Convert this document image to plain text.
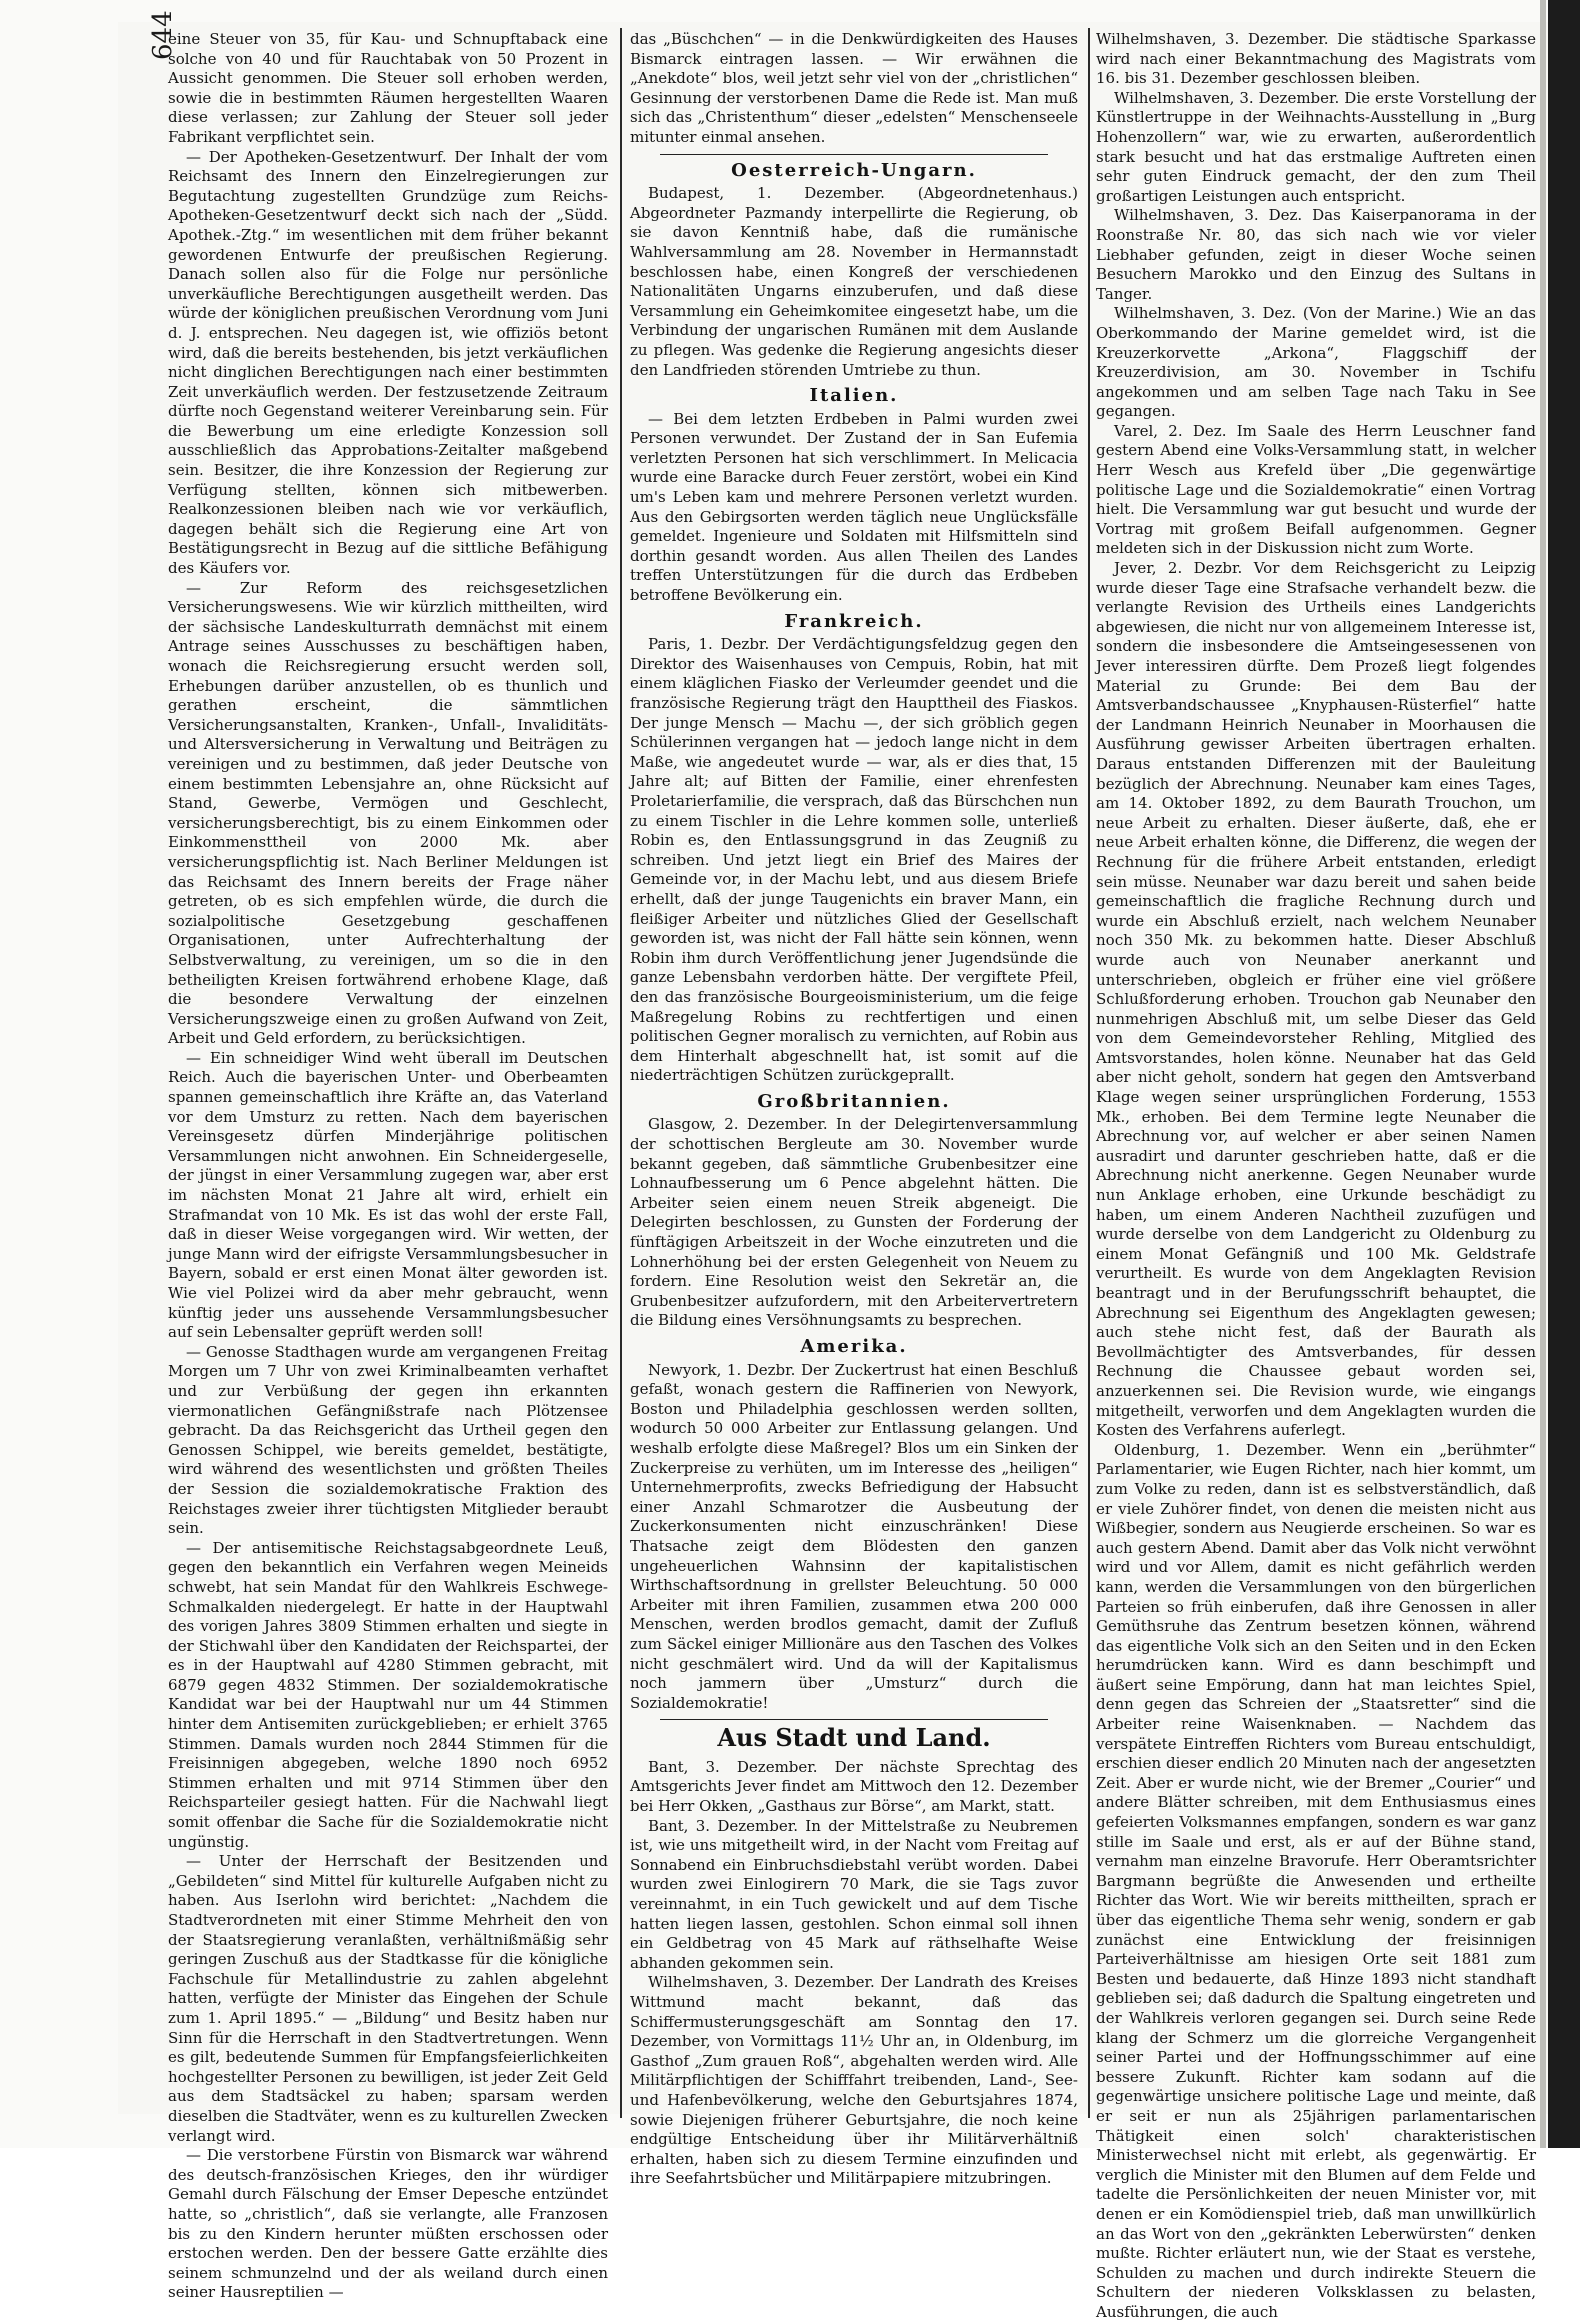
644

eine Steuer von 35, für Kau- und Schnupftaback eine solche von 40 und für Rauchtabak von 50 Prozent in Aussicht genommen. Die Steuer soll erhoben werden, sowie die in bestimmten Räumen hergestellten Waaren diese verlassen; zur Zahlung der Steuer soll jeder Fabrikant verpflichtet sein.

— Der Apotheken-Gesetzentwurf. Der Inhalt der vom Reichsamt des Innern den Einzelregierungen zur Begutachtung zugestellten Grundzüge zum Reichs-Apotheken-Gesetzentwurf deckt sich nach der „Südd. Apothek.-Ztg.“ im wesentlichen mit dem früher bekannt gewordenen Entwurfe der preußischen Regierung. Danach sollen also für die Folge nur persönliche unverkäufliche Berechtigungen ausgetheilt werden. Das würde der königlichen preußischen Verordnung vom Juni d. J. entsprechen. Neu dagegen ist, wie offiziös betont wird, daß die bereits bestehenden, bis jetzt verkäuflichen nicht dinglichen Berechtigungen nach einer bestimmten Zeit unverkäuflich werden. Der festzusetzende Zeitraum dürfte noch Gegenstand weiterer Vereinbarung sein. Für die Bewerbung um eine erledigte Konzession soll ausschließlich das Approbations-Zeitalter maßgebend sein. Besitzer, die ihre Konzession der Regierung zur Verfügung stellten, können sich mitbewerben. Realkonzessionen bleiben nach wie vor verkäuflich, dagegen behält sich die Regierung eine Art von Bestätigungsrecht in Bezug auf die sittliche Befähigung des Käufers vor.

— Zur Reform des reichsgesetzlichen Versicherungswesens. Wie wir kürzlich mittheilten, wird der sächsische Landeskulturrath demnächst mit einem Antrage seines Ausschusses zu beschäftigen haben, wonach die Reichsregierung ersucht werden soll, Erhebungen darüber anzustellen, ob es thunlich und gerathen erscheint, die sämmtlichen Versicherungsanstalten, Kranken-, Unfall-, Invaliditäts- und Altersversicherung in Verwaltung und Beiträgen zu vereinigen und zu bestimmen, daß jeder Deutsche von einem bestimmten Lebensjahre an, ohne Rücksicht auf Stand, Gewerbe, Vermögen und Geschlecht, versicherungsberechtigt, bis zu einem Einkommen oder Einkommensttheil von 2000 Mk. aber versicherungspflichtig ist. Nach Berliner Meldungen ist das Reichsamt des Innern bereits der Frage näher getreten, ob es sich empfehlen würde, die durch die sozialpolitische Gesetzgebung geschaffenen Organisationen, unter Aufrechterhaltung der Selbstverwaltung, zu vereinigen, um so die in den betheiligten Kreisen fortwährend erhobene Klage, daß die besondere Verwaltung der einzelnen Versicherungszweige einen zu großen Aufwand von Zeit, Arbeit und Geld erfordern, zu berücksichtigen.

— Ein schneidiger Wind weht überall im Deutschen Reich. Auch die bayerischen Unter- und Oberbeamten spannen gemeinschaftlich ihre Kräfte an, das Vaterland vor dem Umsturz zu retten. Nach dem bayerischen Vereinsgesetz dürfen Minderjährige politischen Versammlungen nicht anwohnen. Ein Schneidergeselle, der jüngst in einer Versammlung zugegen war, aber erst im nächsten Monat 21 Jahre alt wird, erhielt ein Strafmandat von 10 Mk. Es ist das wohl der erste Fall, daß in dieser Weise vorgegangen wird. Wir wetten, der junge Mann wird der eifrigste Versammlungsbesucher in Bayern, sobald er erst einen Monat älter geworden ist. Wie viel Polizei wird da aber mehr gebraucht, wenn künftig jeder uns aussehende Versammlungsbesucher auf sein Lebensalter geprüft werden soll!

— Genosse Stadthagen wurde am vergangenen Freitag Morgen um 7 Uhr von zwei Kriminalbeamten verhaftet und zur Verbüßung der gegen ihn erkannten viermonatlichen Gefängnißstrafe nach Plötzensee gebracht. Da das Reichsgericht das Urtheil gegen den Genossen Schippel, wie bereits gemeldet, bestätigte, wird während des wesentlichsten und größten Theiles der Session die sozialdemokratische Fraktion des Reichstages zweier ihrer tüchtigsten Mitglieder beraubt sein.

— Der antisemitische Reichstagsabgeordnete Leuß, gegen den bekanntlich ein Verfahren wegen Meineids schwebt, hat sein Mandat für den Wahlkreis Eschwege-Schmalkalden niedergelegt. Er hatte in der Hauptwahl des vorigen Jahres 3809 Stimmen erhalten und siegte in der Stichwahl über den Kandidaten der Reichspartei, der es in der Hauptwahl auf 4280 Stimmen gebracht, mit 6879 gegen 4832 Stimmen. Der sozialdemokratische Kandidat war bei der Hauptwahl nur um 44 Stimmen hinter dem Antisemiten zurückgeblieben; er erhielt 3765 Stimmen. Damals wurden noch 2844 Stimmen für die Freisinnigen abgegeben, welche 1890 noch 6952 Stimmen erhalten und mit 9714 Stimmen über den Reichsparteiler gesiegt hatten. Für die Nachwahl liegt somit offenbar die Sache für die Sozialdemokratie nicht ungünstig.

— Unter der Herrschaft der Besitzenden und „Gebildeten“ sind Mittel für kulturelle Aufgaben nicht zu haben. Aus Iserlohn wird berichtet: „Nachdem die Stadtverordneten mit einer Stimme Mehrheit den von der Staatsregierung veranlaßten, verhältnißmäßig sehr geringen Zuschuß aus der Stadtkasse für die königliche Fachschule für Metallindustrie zu zahlen abgelehnt hatten, verfügte der Minister das Eingehen der Schule zum 1. April 1895.“ — „Bildung“ und Besitz haben nur Sinn für die Herrschaft in den Stadtvertretungen. Wenn es gilt, bedeutende Summen für Empfangsfeierlichkeiten hochgestellter Personen zu bewilligen, ist jeder Zeit Geld aus dem Stadtsäckel zu haben; sparsam werden dieselben die Stadtväter, wenn es zu kulturellen Zwecken verlangt wird.

— Die verstorbene Fürstin von Bismarck war während des deutsch-französischen Krieges, den ihr würdiger Gemahl durch Fälschung der Emser Depesche entzündet hatte, so „christlich“, daß sie verlangte, alle Franzosen bis zu den Kindern herunter müßten erschossen oder erstochen werden. Den der bessere Gatte erzählte dies seinem schmunzelnd und der als weiland durch einen seiner Hausreptilien —

das „Büschchen“ — in die Denkwürdigkeiten des Hauses Bismarck eintragen lassen. — Wir erwähnen die „Anekdote“ blos, weil jetzt sehr viel von der „christlichen“ Gesinnung der verstorbenen Dame die Rede ist. Man muß sich das „Christenthum“ dieser „edelsten“ Menschenseele mitunter einmal ansehen.

Oesterreich-Ungarn.

Budapest, 1. Dezember. (Abgeordnetenhaus.) Abgeordneter Pazmandy interpellirte die Regierung, ob sie davon Kenntniß habe, daß die rumänische Wahlversammlung am 28. November in Hermannstadt beschlossen habe, einen Kongreß der verschiedenen Nationalitäten Ungarns einzuberufen, und daß diese Versammlung ein Geheimkomitee eingesetzt habe, um die Verbindung der ungarischen Rumänen mit dem Auslande zu pflegen. Was gedenke die Regierung angesichts dieser den Landfrieden störenden Umtriebe zu thun.

Italien.

— Bei dem letzten Erdbeben in Palmi wurden zwei Personen verwundet. Der Zustand der in San Eufemia verletzten Personen hat sich verschlimmert. In Melicacia wurde eine Baracke durch Feuer zerstört, wobei ein Kind um's Leben kam und mehrere Personen verletzt wurden. Aus den Gebirgsorten werden täglich neue Unglücksfälle gemeldet. Ingenieure und Soldaten mit Hilfsmitteln sind dorthin gesandt worden. Aus allen Theilen des Landes treffen Unterstützungen für die durch das Erdbeben betroffene Bevölkerung ein.

Frankreich.

Paris, 1. Dezbr. Der Verdächtigungsfeldzug gegen den Direktor des Waisenhauses von Cempuis, Robin, hat mit einem kläglichen Fiasko der Verleumder geendet und die französische Regierung trägt den Haupttheil des Fiaskos. Der junge Mensch — Machu —, der sich gröblich gegen Schülerinnen vergangen hat — jedoch lange nicht in dem Maße, wie angedeutet wurde — war, als er dies that, 15 Jahre alt; auf Bitten der Familie, einer ehrenfesten Proletarierfamilie, die versprach, daß das Bürschchen nun zu einem Tischler in die Lehre kommen solle, unterließ Robin es, den Entlassungsgrund in das Zeugniß zu schreiben. Und jetzt liegt ein Brief des Maires der Gemeinde vor, in der Machu lebt, und aus diesem Briefe erhellt, daß der junge Taugenichts ein braver Mann, ein fleißiger Arbeiter und nützliches Glied der Gesellschaft geworden ist, was nicht der Fall hätte sein können, wenn Robin ihm durch Veröffentlichung jener Jugendsünde die ganze Lebensbahn verdorben hätte. Der vergiftete Pfeil, den das französische Bourgeoisministerium, um die feige Maßregelung Robins zu rechtfertigen und einen politischen Gegner moralisch zu vernichten, auf Robin aus dem Hinterhalt abgeschnellt hat, ist somit auf die niederträchtigen Schützen zurückgeprallt.

Großbritannien.

Glasgow, 2. Dezember. In der Delegirtenversammlung der schottischen Bergleute am 30. November wurde bekannt gegeben, daß sämmtliche Grubenbesitzer eine Lohnaufbesserung um 6 Pence abgelehnt hätten. Die Arbeiter seien einem neuen Streik abgeneigt. Die Delegirten beschlossen, zu Gunsten der Forderung der fünftägigen Arbeitszeit in der Woche einzutreten und die Lohnerhöhung bei der ersten Gelegenheit von Neuem zu fordern. Eine Resolution weist den Sekretär an, die Grubenbesitzer aufzufordern, mit den Arbeitervertretern die Bildung eines Versöhnungsamts zu besprechen.

Amerika.

Newyork, 1. Dezbr. Der Zuckertrust hat einen Beschluß gefaßt, wonach gestern die Raffinerien von Newyork, Boston und Philadelphia geschlossen werden sollten, wodurch 50 000 Arbeiter zur Entlassung gelangen. Und weshalb erfolgte diese Maßregel? Blos um ein Sinken der Zuckerpreise zu verhüten, um im Interesse des „heiligen“ Unternehmerprofits, zwecks Befriedigung der Habsucht einer Anzahl Schmarotzer die Ausbeutung der Zuckerkonsumenten nicht einzuschränken! Diese Thatsache zeigt dem Blödesten den ganzen ungeheuerlichen Wahnsinn der kapitalistischen Wirthschaftsordnung in grellster Beleuchtung. 50 000 Arbeiter mit ihren Familien, zusammen etwa 200 000 Menschen, werden brodlos gemacht, damit der Zufluß zum Säckel einiger Millionäre aus den Taschen des Volkes nicht geschmälert wird. Und da will der Kapitalismus noch jammern über „Umsturz“ durch die Sozialdemokratie!

Aus Stadt und Land.

Bant, 3. Dezember. Der nächste Sprechtag des Amtsgerichts Jever findet am Mittwoch den 12. Dezember bei Herr Okken, „Gasthaus zur Börse“, am Markt, statt.

Bant, 3. Dezember. In der Mittelstraße zu Neubremen ist, wie uns mitgetheilt wird, in der Nacht vom Freitag auf Sonnabend ein Einbruchsdiebstahl verübt worden. Dabei wurden zwei Einlogirern 70 Mark, die sie Tags zuvor vereinnahmt, in ein Tuch gewickelt und auf dem Tische hatten liegen lassen, gestohlen. Schon einmal soll ihnen ein Geldbetrag von 45 Mark auf räthselhafte Weise abhanden gekommen sein.

Wilhelmshaven, 3. Dezember. Der Landrath des Kreises Wittmund macht bekannt, daß das Schiffermusterungsgeschäft am Sonntag den 17. Dezember, von Vormittags 11½ Uhr an, in Oldenburg, im Gasthof „Zum grauen Roß“, abgehalten werden wird. Alle Militärpflichtigen der Schifffahrt treibenden, Land-, See- und Hafenbevölkerung, welche den Geburtsjahres 1874, sowie Diejenigen früherer Geburtsjahre, die noch keine endgültige Entscheidung über ihr Militärverhältniß erhalten, haben sich zu diesem Termine einzufinden und ihre Seefahrtsbücher und Militärpapiere mitzubringen.

Wilhelmshaven, 3. Dezember. Die städtische Sparkasse wird nach einer Bekanntmachung des Magistrats vom 16. bis 31. Dezember geschlossen bleiben.

Wilhelmshaven, 3. Dezember. Die erste Vorstellung der Künstlertruppe in der Weihnachts-Ausstellung in „Burg Hohenzollern“ war, wie zu erwarten, außerordentlich stark besucht und hat das erstmalige Auftreten einen sehr guten Eindruck gemacht, der den zum Theil großartigen Leistungen auch entspricht.

Wilhelmshaven, 3. Dez. Das Kaiserpanorama in der Roonstraße Nr. 80, das sich nach wie vor vieler Liebhaber gefunden, zeigt in dieser Woche seinen Besuchern Marokko und den Einzug des Sultans in Tanger.

Wilhelmshaven, 3. Dez. (Von der Marine.) Wie an das Oberkommando der Marine gemeldet wird, ist die Kreuzerkorvette „Arkona“, Flaggschiff der Kreuzerdivision, am 30. November in Tschifu angekommen und am selben Tage nach Taku in See gegangen.

Varel, 2. Dez. Im Saale des Herrn Leuschner fand gestern Abend eine Volks-Versammlung statt, in welcher Herr Wesch aus Krefeld über „Die gegenwärtige politische Lage und die Sozialdemokratie“ einen Vortrag hielt. Die Versammlung war gut besucht und wurde der Vortrag mit großem Beifall aufgenommen. Gegner meldeten sich in der Diskussion nicht zum Worte.

Jever, 2. Dezbr. Vor dem Reichsgericht zu Leipzig wurde dieser Tage eine Strafsache verhandelt bezw. die verlangte Revision des Urtheils eines Landgerichts abgewiesen, die nicht nur von allgemeinem Interesse ist, sondern die insbesondere die Amtseingesessenen von Jever interessiren dürfte. Dem Prozeß liegt folgendes Material zu Grunde: Bei dem Bau der Amtsverbandschaussee „Knyphausen-Rüsterfiel“ hatte der Landmann Heinrich Neunaber in Moorhausen die Ausführung gewisser Arbeiten übertragen erhalten. Daraus entstanden Differenzen mit der Bauleitung bezüglich der Abrechnung. Neunaber kam eines Tages, am 14. Oktober 1892, zu dem Baurath Trouchon, um neue Arbeit zu erhalten. Dieser äußerte, daß, ehe er neue Arbeit erhalten könne, die Differenz, die wegen der Rechnung für die frühere Arbeit entstanden, erledigt sein müsse. Neunaber war dazu bereit und sahen beide gemeinschaftlich die fragliche Rechnung durch und wurde ein Abschluß erzielt, nach welchem Neunaber noch 350 Mk. zu bekommen hatte. Dieser Abschluß wurde auch von Neunaber anerkannt und unterschrieben, obgleich er früher eine viel größere Schlußforderung erhoben. Trouchon gab Neunaber den nunmehrigen Abschluß mit, um selbe Dieser das Geld von dem Gemeindevorsteher Rehling, Mitglied des Amtsvorstandes, holen könne. Neunaber hat das Geld aber nicht geholt, sondern hat gegen den Amtsverband Klage wegen seiner ursprünglichen Forderung, 1553 Mk., erhoben. Bei dem Termine legte Neunaber die Abrechnung vor, auf welcher er aber seinen Namen ausradirt und darunter geschrieben hatte, daß er die Abrechnung nicht anerkenne. Gegen Neunaber wurde nun Anklage erhoben, eine Urkunde beschädigt zu haben, um einem Anderen Nachtheil zuzufügen und wurde derselbe von dem Landgericht zu Oldenburg zu einem Monat Gefängniß und 100 Mk. Geldstrafe verurtheilt. Es wurde von dem Angeklagten Revision beantragt und in der Berufungsschrift behauptet, die Abrechnung sei Eigenthum des Angeklagten gewesen; auch stehe nicht fest, daß der Baurath als Bevollmächtigter des Amtsverbandes, für dessen Rechnung die Chaussee gebaut worden sei, anzuerkennen sei. Die Revision wurde, wie eingangs mitgetheilt, verworfen und dem Angeklagten wurden die Kosten des Verfahrens auferlegt.

Oldenburg, 1. Dezember. Wenn ein „berühmter“ Parlamentarier, wie Eugen Richter, nach hier kommt, um zum Volke zu reden, dann ist es selbstverständlich, daß er viele Zuhörer findet, von denen die meisten nicht aus Wißbegier, sondern aus Neugierde erscheinen. So war es auch gestern Abend. Damit aber das Volk nicht verwöhnt wird und vor Allem, damit es nicht gefährlich werden kann, werden die Versammlungen von den bürgerlichen Parteien so früh einberufen, daß ihre Genossen in aller Gemüthsruhe das Zentrum besetzen können, während das eigentliche Volk sich an den Seiten und in den Ecken herumdrücken kann. Wird es dann beschimpft und äußert seine Empörung, dann hat man leichtes Spiel, denn gegen das Schreien der „Staatsretter“ sind die Arbeiter reine Waisenknaben. — Nachdem das verspätete Eintreffen Richters vom Bureau entschuldigt, erschien dieser endlich 20 Minuten nach der angesetzten Zeit. Aber er wurde nicht, wie der Bremer „Courier“ und andere Blätter schreiben, mit dem Enthusiasmus eines gefeierten Volksmannes empfangen, sondern es war ganz stille im Saale und erst, als er auf der Bühne stand, vernahm man einzelne Bravorufe. Herr Oberamtsrichter Bargmann begrüßte die Anwesenden und ertheilte Richter das Wort. Wie wir bereits mittheilten, sprach er über das eigentliche Thema sehr wenig, sondern er gab zunächst eine Entwicklung der freisinnigen Parteiverhältnisse am hiesigen Orte seit 1881 zum Besten und bedauerte, daß Hinze 1893 nicht standhaft geblieben sei; daß dadurch die Spaltung eingetreten und der Wahlkreis verloren gegangen sei. Durch seine Rede klang der Schmerz um die glorreiche Vergangenheit seiner Partei und der Hoffnungsschimmer auf eine bessere Zukunft. Richter kam sodann auf die gegenwärtige unsichere politische Lage und meinte, daß er seit er nun als 25jährigen parlamentarischen Thätigkeit einen solch' charakteristischen Ministerwechsel nicht mit erlebt, als gegenwärtig. Er verglich die Minister mit den Blumen auf dem Felde und tadelte die Persönlichkeiten der neuen Minister vor, mit denen er ein Komödienspiel trieb, daß man unwillkürlich an das Wort von den „gekränkten Leberwürsten“ denken mußte. Richter erläutert nun, wie der Staat es verstehe, Schulden zu machen und durch indirekte Steuern die Schultern der niederen Volksklassen zu belasten, Ausführungen, die auch
